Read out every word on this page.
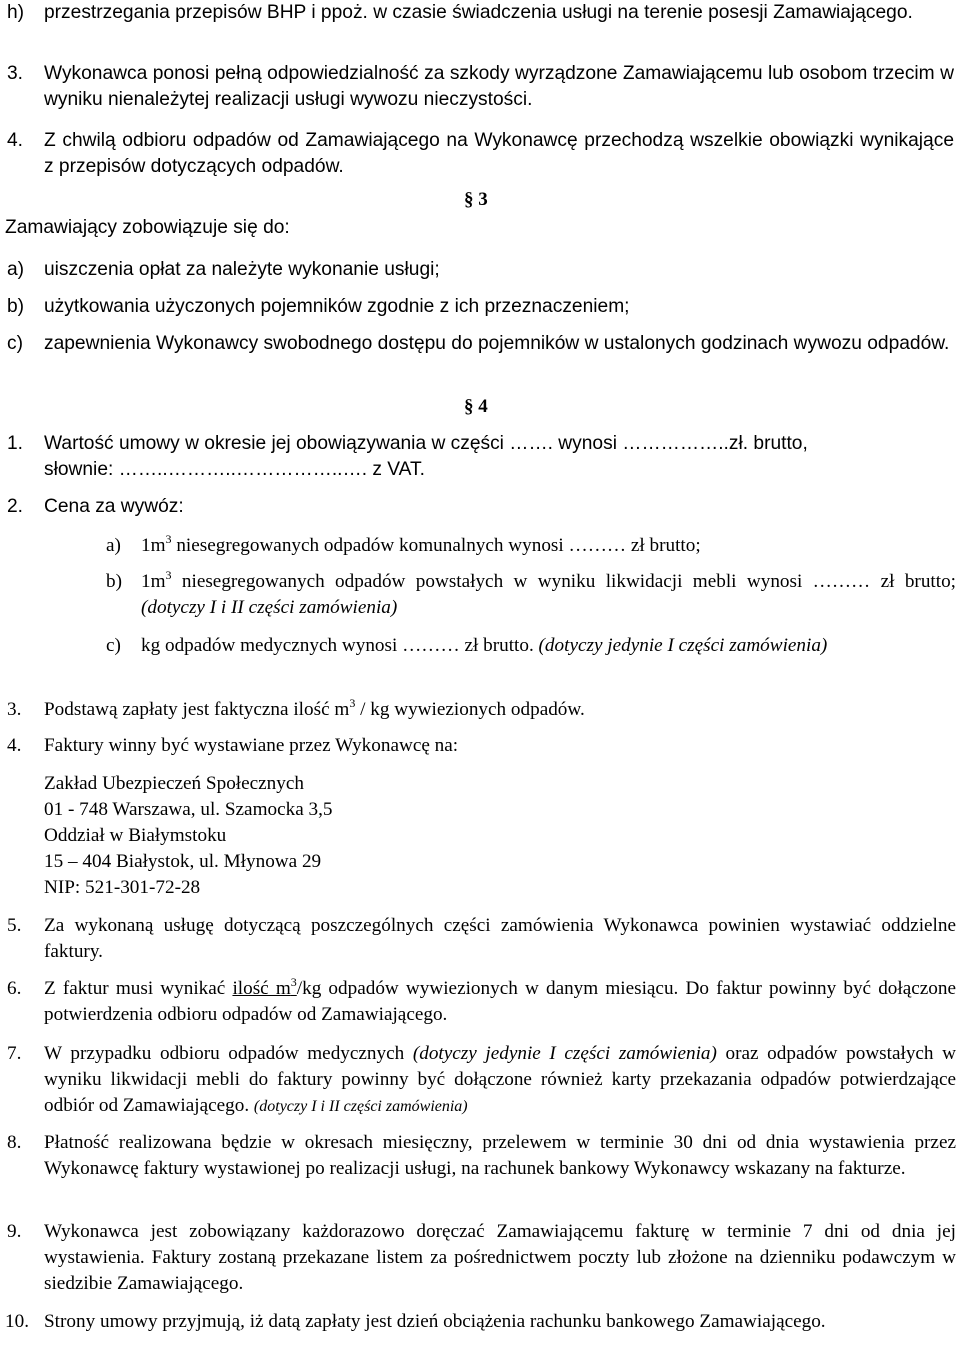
h) przestrzegania przepisów BHP i ppoż. w czasie świadczenia usługi na terenie posesji Zamawiającego.
3. Wykonawca ponosi pełną odpowiedzialność za szkody wyrządzone Zamawiającemu lub osobom trzecim w wyniku nienależytej realizacji usługi wywozu nieczystości.
4. Z chwilą odbioru odpadów od Zamawiającego na Wykonawcę przechodzą wszelkie obowiązki wynikające z przepisów dotyczących odpadów.
§ 3
Zamawiający zobowiązuje się do:
a) uiszczenia opłat za należyte wykonanie usługi;
b) użytkowania użyczonych pojemników zgodnie z ich przeznaczeniem;
c) zapewnienia Wykonawcy swobodnego dostępu do pojemników w ustalonych godzinach wywozu odpadów.
§ 4
1. Wartość umowy w okresie jej obowiązywania w części ……. wynosi ……………..zł. brutto,
słownie: ……..………..……………..…. z VAT.
2. Cena za wywóz:
a) $1m^3$ niesegregowanych odpadów komunalnych wynosi ……… zł brutto;
b) $1m^3$ niesegregowanych odpadów powstałych w wyniku likwidacji mebli wynosi ……… zł brutto; (dotyczy I i II części zamówienia)
c) kg odpadów medycznych wynosi ……… zł brutto. (dotyczy jedynie I części zamówienia)
3. Podstawą zapłaty jest faktyczna ilość $m^3$ / kg wywiezionych odpadów.
4. Faktury winny być wystawiane przez Wykonawcę na:
Zakład Ubezpieczeń Społecznych
01 - 748 Warszawa, ul. Szamocka 3,5
Oddział w Białymstoku
15 – 404 Białystok, ul. Młynowa 29
NIP: 521-301-72-28
5. Za wykonaną usługę dotyczącą poszczególnych części zamówienia Wykonawca powinien wystawiać oddzielne faktury.
6. Z faktur musi wynikać ilość $m^3/kg$ odpadów wywiezionych w danym miesiącu. Do faktur powinny być dołączone potwierdzenia odbioru odpadów od Zamawiającego.
7. W przypadku odbioru odpadów medycznych (dotyczy jedynie I części zamówienia) oraz odpadów powstałych w wyniku likwidacji mebli do faktury powinny być dołączone również karty przekazania odpadów potwierdzające odbiór od Zamawiającego. (dotyczy I i II części zamówienia)
8. Płatność realizowana będzie w okresach miesięczny, przelewem w terminie 30 dni od dnia wystawienia przez Wykonawcę faktury wystawionej po realizacji usługi, na rachunek bankowy Wykonawcy wskazany na fakturze.
9. Wykonawca jest zobowiązany każdorazowo doręczać Zamawiającemu fakturę w terminie 7 dni od dnia jej wystawienia. Faktury zostaną przekazane listem za pośrednictwem poczty lub złożone na dzienniku podawczym w siedzibie Zamawiającego.
10. Strony umowy przyjmują, iż datą zapłaty jest dzień obciążenia rachunku bankowego Zamawiającego.
